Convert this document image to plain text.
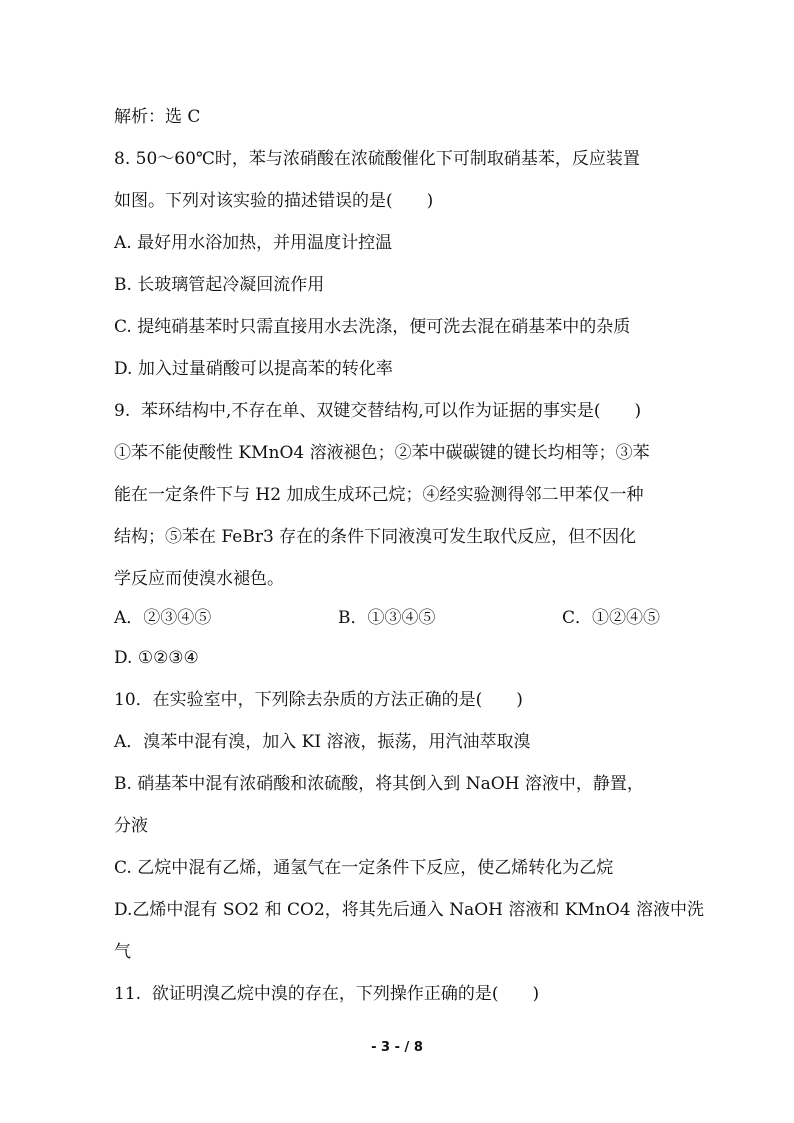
解析：选 C
8. 50～60℃时，苯与浓硝酸在浓硫酸催化下可制取硝基苯，反应装置
如图。下列对该实验的描述错误的是(　　)
A. 最好用水浴加热，并用温度计控温
B. 长玻璃管起冷凝回流作用
C. 提纯硝基苯时只需直接用水去洗涤，便可洗去混在硝基苯中的杂质
D. 加入过量硝酸可以提高苯的转化率
9.  苯环结构中,不存在单、双键交替结构,可以作为证据的事实是(　　)
①苯不能使酸性 KMnO4 溶液褪色；②苯中碳碳键的键长均相等；③苯
能在一定条件下与 H2 加成生成环己烷；④经实验测得邻二甲苯仅一种
结构；⑤苯在 FeBr3 存在的条件下同液溴可发生取代反应，但不因化
学反应而使溴水褪色。
A．②③④⑤	B．①③④⑤	C．①②④⑤
D. ①②③④
10．在实验室中，下列除去杂质的方法正确的是(　　)
A．溴苯中混有溴，加入 KI 溶液，振荡，用汽油萃取溴
B. 硝基苯中混有浓硝酸和浓硫酸，将其倒入到 NaOH 溶液中，静置，
分液
C. 乙烷中混有乙烯，通氢气在一定条件下反应，使乙烯转化为乙烷
D.乙烯中混有 SO2 和 CO2，将其先后通入 NaOH 溶液和 KMnO4 溶液中洗
气
11.  欲证明溴乙烷中溴的存在，下列操作正确的是(　　)
- 3 - / 8
